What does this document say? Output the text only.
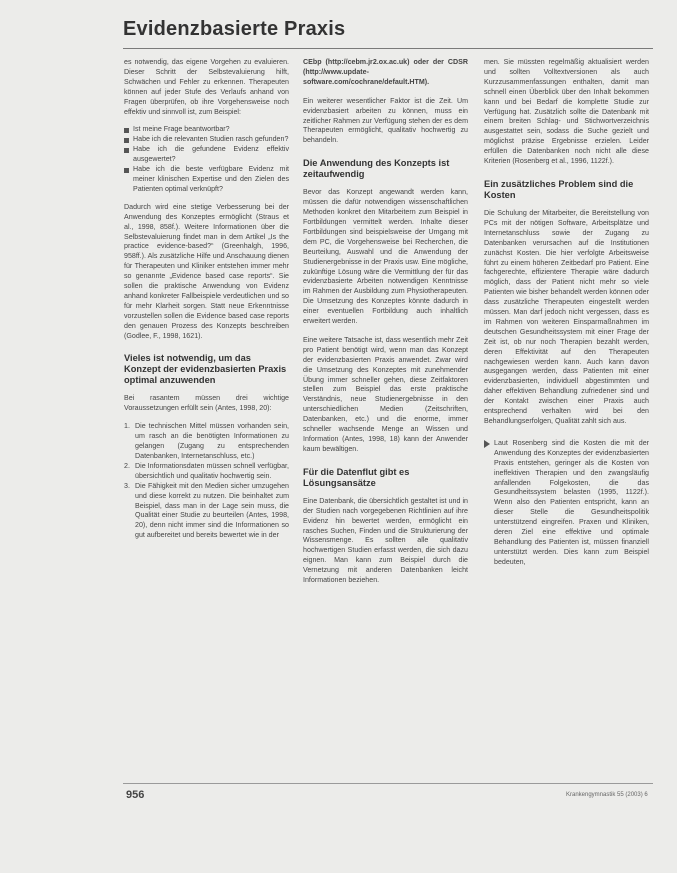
Evidenzbasierte Praxis

es notwendig, das eigene Vorgehen zu evaluieren. Dieser Schritt der Selbstevaluierung hilft, Schwächen und Fehler zu erkennen. Therapeuten können auf jeder Stufe des Verlaufs anhand von Fragen überprüfen, ob ihre Vorgehensweise noch effektiv und sinnvoll ist, zum Beispiel:

Ist meine Frage beantwortbar?
Habe ich die relevanten Studien rasch gefunden?
Habe ich die gefundene Evidenz effektiv ausgewertet?
Habe ich die beste verfügbare Evidenz mit meiner klinischen Expertise und den Zielen des Patienten optimal verknüpft?

Dadurch wird eine stetige Verbesserung bei der Anwendung des Konzeptes ermöglicht (Straus et al., 1998, 858f.). Weitere Informationen über die Selbstevaluierung findet man in dem Artikel „Is the practice evidence-based?“ (Greenhalgh, 1996, 958ff.). Als zusätzliche Hilfe und Anschauung dienen für Therapeuten und Kliniker entstehen immer mehr so genannte „Evidence based case reports“. Sie sollen die praktische Anwendung von Evidenz anhand konkreter Fallbeispiele verdeutlichen und so für mehr Klarheit sorgen. Statt neue Erkenntnisse vorzustellen sollen die Evidence based case reports den genauen Prozess des Konzepts beschreiben (Godlee, F., 1998, 1621).

Vieles ist notwendig, um das Konzept der evidenzbasierten Praxis optimal anzuwenden

Bei rasantem müssen drei wichtige Voraussetzungen erfüllt sein (Antes, 1998, 20):

1. Die technischen Mittel müssen vorhanden sein, um rasch an die benötigten Informationen zu gelangen (Zugang zu entsprechenden Datenbanken, Internetanschluss, etc.)
2. Die Informationsdaten müssen schnell verfügbar, übersichtlich und qualitativ hochwertig sein.
3. Die Fähigkeit mit den Medien sicher umzugehen und diese korrekt zu nutzen. Die beinhaltet zum Beispiel, dass man in der Lage sein muss, die Qualität einer Studie zu beurteilen (Antes, 1998, 20), denn nicht immer sind die Informationen so gut aufbereitet und bereits bewertet wie in der

CEbp (http://cebm.jr2.ox.ac.uk) oder der CDSR (http://www.update-software.com/cochrane/default.HTM).

Ein weiterer wesentlicher Faktor ist die Zeit. Um evidenzbasiert arbeiten zu können, muss ein zeitlicher Rahmen zur Verfügung stehen der es dem Therapeuten ermöglicht, qualitativ hochwertig zu behandeln.

Die Anwendung des Konzepts ist zeitaufwendig

Bevor das Konzept angewandt werden kann, müssen die dafür notwendigen wissenschaftlichen Methoden konkret den Mitarbeitern zum Beispiel in Fortbildungen vermittelt werden. Inhalte dieser Fortbildungen sind beispielsweise der Umgang mit dem PC, die Vorgehensweise bei Recherchen, die Beurteilung, Auswahl und die Anwendung der Studienergebnisse in der Praxis usw. Eine mögliche, zukünftige Lösung wäre die Vermittlung der für das evidenzbasierte Arbeiten notwendigen Kenntnisse im Rahmen der Ausbildung zum Physiotherapeuten. Die Umsetzung des Konzeptes könnte dadurch in einer eventuellen Fortbildung auch inhaltlich erweitert werden.

Eine weitere Tatsache ist, dass wesentlich mehr Zeit pro Patient benötigt wird, wenn man das Konzept der evidenzbasierten Praxis anwendet. Zwar wird die Umsetzung des Konzeptes mit zunehmender Übung immer schneller gehen, diese Zeitfaktoren stellen zum Beispiel das erste praktische Verständnis, neue Studienergebnisse in den unterschiedlichen Medien (Zeitschriften, Datenbanken, etc.) und die enorme, immer schneller wachsende Menge an Wissen und Information (Antes, 1998, 18) kann der Anwender kaum bewältigen.

Für die Datenflut gibt es Lösungsansätze

Eine Datenbank, die übersichtlich gestaltet ist und in der Studien nach vorgegebenen Richtlinien auf ihre Evidenz hin bewertet werden, ermöglicht ein rasches Suchen, Finden und die Strukturierung der Wissensmenge. Es sollten alle qualitativ hochwertigen Studien erfasst werden, die sich dazu eignen. Man kann zum Beispiel durch die Vernetzung mit anderen Datenbanken leicht Informationen beziehen.

men. Sie müssten regelmäßig aktualisiert werden und sollten Volltextversionen als auch Kurzzusammenfassungen enthalten, damit man schnell einen Überblick über den Inhalt bekommen kann und bei Bedarf die komplette Studie zur Verfügung hat. Zusätzlich sollte die Datenbank mit einem breiten Schlag- und Stichwortverzeichnis ausgestattet sein, sodass die Suche gezielt und möglichst präzise Ergebnisse erzielen. Leider erfüllen die Datenbanken noch nicht alle diese Kriterien (Rosenberg et al., 1996, 1122f.).

Ein zusätzliches Problem sind die Kosten

Die Schulung der Mitarbeiter, die Bereitstellung von PCs mit der nötigen Software, Arbeitsplätze und Internetanschluss sowie der Zugang zu Datenbanken verursachen auf die Institutionen zunächst Kosten. Die hier verfolgte Arbeitsweise führt zu einem höheren Zeitbedarf pro Patient. Eine fachgerechte, effizientere Therapie wäre dadurch möglich, dass der Patient nicht mehr so viele Patienten wie bisher behandelt werden können oder dass zusätzliche Therapeuten eingestellt werden müssen. Man darf jedoch nicht vergessen, dass es im Rahmen von weiteren Einsparmaßnahmen im deutschen Gesundheitssystem mit einer Frage der Zeit ist, ob nur noch Therapien bezahlt werden, deren Effektivität auf den Therapeuten nachgewiesen werden kann. Auch kann davon ausgegangen werden, dass Patienten mit einer evidenzbasierten, individuell abgestimmten und daher effektiven Behandlung zufriedener sind und der Kontakt zwischen einer Praxis auch entsprechend verhalten wird bei den Behandlungserfolgen, Qualität zahlt sich aus.

Laut Rosenberg sind die Kosten die mit der Anwendung des Konzeptes der evidenzbasierten Praxis entstehen, geringer als die Kosten von ineffektiven Therapien und den zwangsläufig anfallenden Folgekosten, die das Gesundheitssystem belasten (1995, 1122f.). Wenn also den Patienten entspricht, kann an dieser Stelle die Gesundheitspolitik unterstützend eingreifen. Praxen und Kliniken, deren Ziel eine effektive und optimale Behandlung des Patienten ist, müssen finanziell unterstützt werden. Dies kann zum Beispiel bedeuten,
956	Krankengymnastik 55 (2003) 6
